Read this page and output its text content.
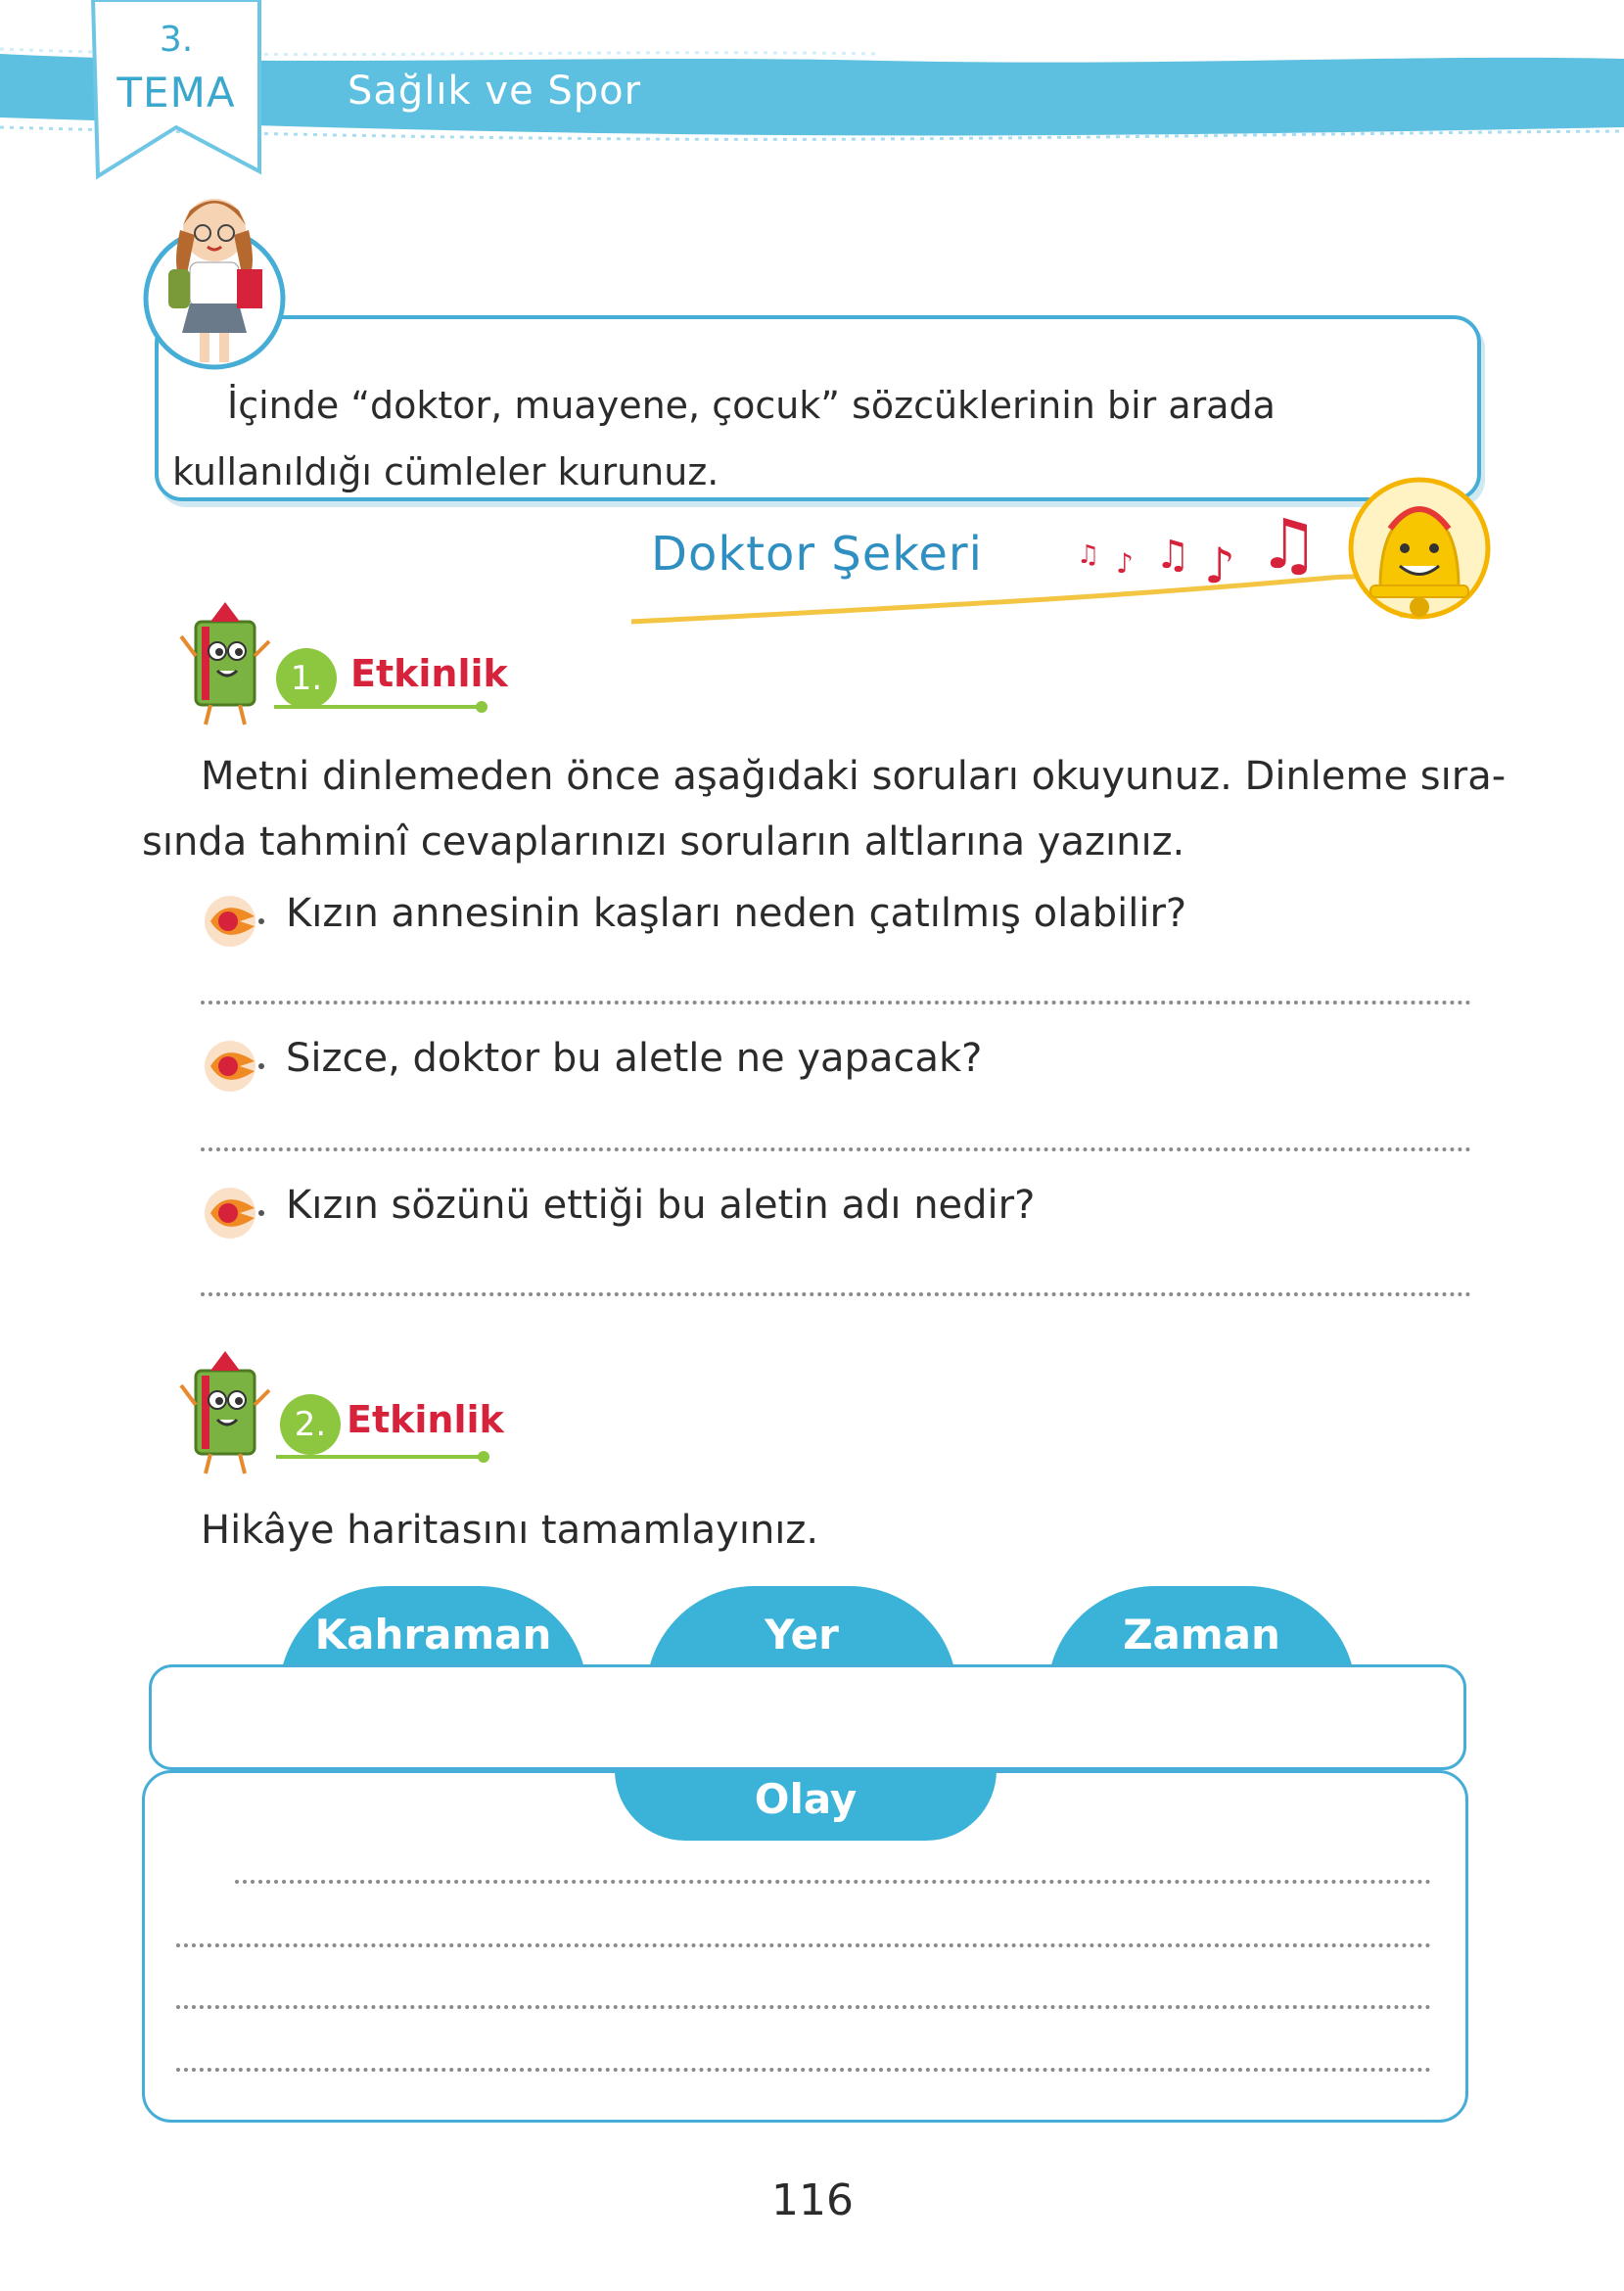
3.
TEMA	Sağlık ve Spor
İçinde “doktor, muayene, çocuk” sözcüklerinin bir arada kullanıldığı cümleler kurunuz.
♫ ♪ ♫ ♪ ♫
Doktor Şekeri
1. Etkinlik
Metni dinlemeden önce aşağıdaki soruları okuyunuz. Dinleme sıra-
sında tahminî cevaplarınızı soruların altlarına yazınız.
Kızın annesinin kaşları neden çatılmış olabilir?
Sizce, doktor bu aletle ne yapacak?
Kızın sözünü ettiği bu aletin adı nedir?
2. Etkinlik
Hikâye haritasını tamamlayınız.
Kahraman	Yer	Zaman
Olay
116
